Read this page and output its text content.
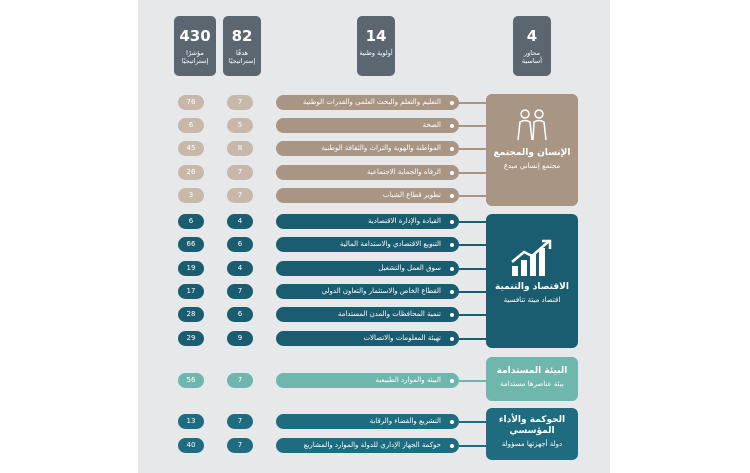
4
محاور أساسية
14
أولوية وطنية
82
هدفًا إستراتيجيًا
430
مؤشرًا إستراتيجيًا
الإنسان والمجتمع
مجتمع إنساني مبدع
الاقتصاد والتنمية
اقتصاد ميتة تنافسية
البيئة المستدامة
بيئة عناصرها مستدامة
الحوكمة والأداء المؤسسي
دولة أجهزتها مسؤولة
76	7	التعليم والتعلم والبحث العلمي والقدرات الوطنية
6	5	الصحة
45	8	المواطنة والهوية والتراث والثقافة الوطنية
26	7	الرفاه والحماية الاجتماعية
3	7	تطوير قطاع الشباب
6	4	القيادة والإدارة الاقتصادية
66	6	التنويع الاقتصادي والاستدامة المالية
19	4	سوق العمل والتشغيل
17	7	القطاع الخاص والاستثمار والتعاون الدولي
28	6	تنمية المحافظات والمدن المستدامة
29	9	تهيئة المعلومات والاتصالات
56	7	البيئة والموارد الطبيعية
13	7	التشريع والقضاء والرقابة
40	7	حوكمة الجهاز الإداري للدولة والموارد والمشاريع
